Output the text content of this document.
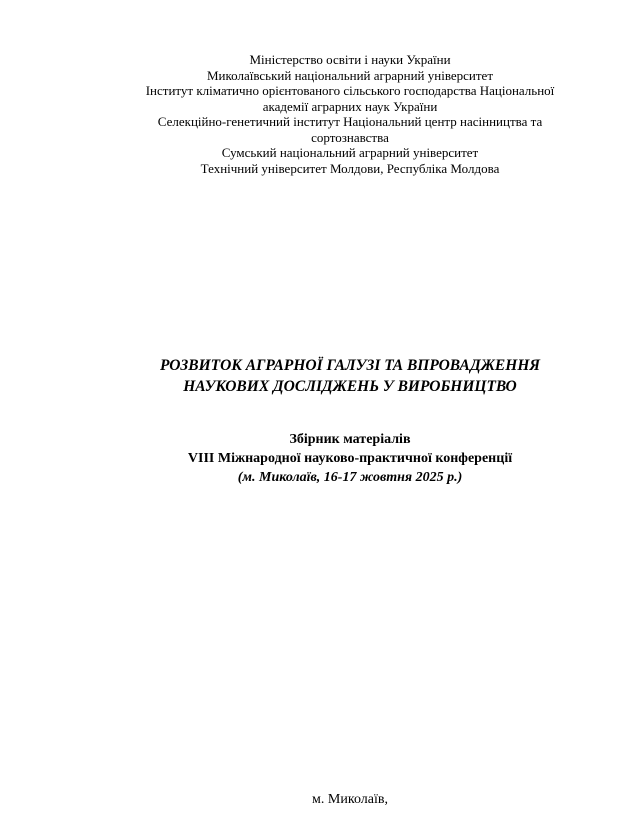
Міністерство освіти і науки України
Миколаївський національний аграрний університет
Інститут кліматично орієнтованого сільського господарства Національної
академії аграрних наук України
Селекційно-генетичний інститут Національний центр насінництва та
сортознавства
Сумський національний аграрний університет
Технічний університет Молдови, Республіка Молдова
РОЗВИТОК АГРАРНОЇ ГАЛУЗІ ТА ВПРОВАДЖЕННЯ
НАУКОВИХ ДОСЛІДЖЕНЬ У ВИРОБНИЦТВО
Збірник матеріалів
VIII Міжнародної науково-практичної конференції
(м. Миколаїв, 16-17 жовтня 2025 р.)

м. Миколаїв,
